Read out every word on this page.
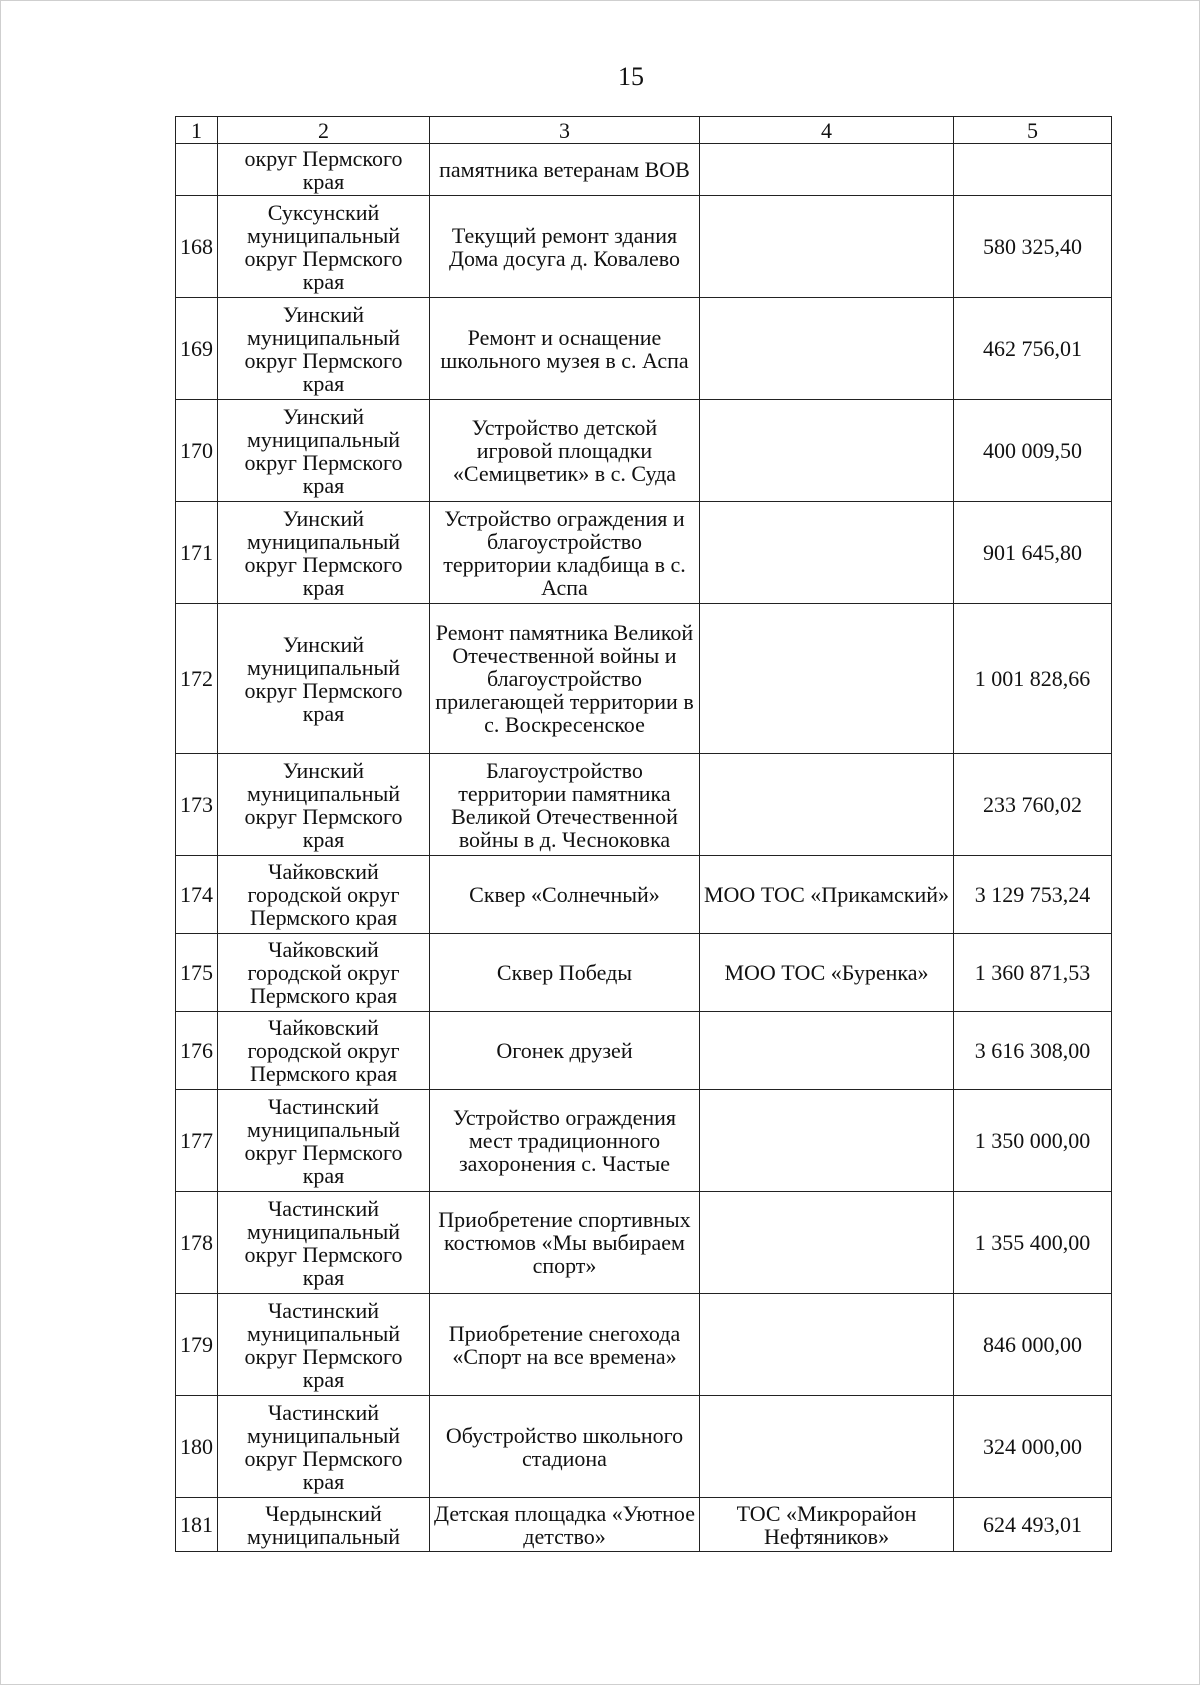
15
1	2	3	4	5
	округ Пермского края	памятника ветеранам ВОВ		
168	Суксунский муниципальный округ Пермского края	Текущий ремонт здания Дома досуга д. Ковалево		580 325,40
169	Уинский муниципальный округ Пермского края	Ремонт и оснащение школьного музея в с. Аспа		462 756,01
170	Уинский муниципальный округ Пермского края	Устройство детской игровой площадки «Семицветик» в с. Суда		400 009,50
171	Уинский муниципальный округ Пермского края	Устройство ограждения и благоустройство территории кладбища в с. Аспа		901 645,80
172	Уинский муниципальный округ Пермского края	Ремонт памятника Великой Отечественной войны и благоустройство прилегающей территории в с. Воскресенское		1 001 828,66
173	Уинский муниципальный округ Пермского края	Благоустройство территории памятника Великой Отечественной войны в д. Чесноковка		233 760,02
174	Чайковский городской округ Пермского края	Сквер «Солнечный»	МОО ТОС «Прикамский»	3 129 753,24
175	Чайковский городской округ Пермского края	Сквер Победы	МОО ТОС «Буренка»	1 360 871,53
176	Чайковский городской округ Пермского края	Огонек друзей		3 616 308,00
177	Частинский муниципальный округ Пермского края	Устройство ограждения мест традиционного захоронения с. Частые		1 350 000,00
178	Частинский муниципальный округ Пермского края	Приобретение спортивных костюмов «Мы выбираем спорт»		1 355 400,00
179	Частинский муниципальный округ Пермского края	Приобретение снегохода «Спорт на все времена»		846 000,00
180	Частинский муниципальный округ Пермского края	Обустройство школьного стадиона		324 000,00
181	Чердынский муниципальный	Детская площадка «Уютное детство»	ТОС «Микрорайон Нефтяников»	624 493,01
